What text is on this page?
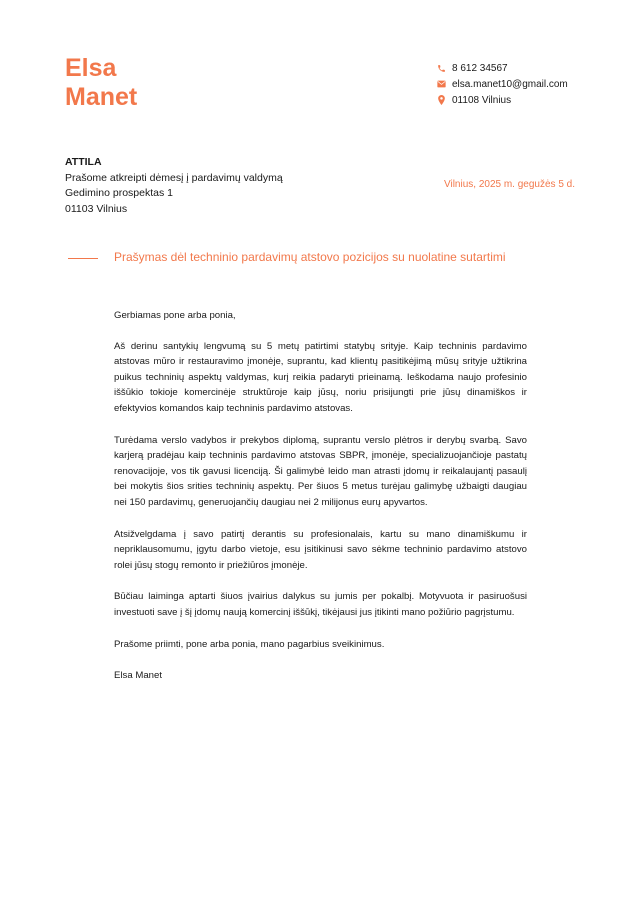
Elsa
Manet
8 612 34567
elsa.manet10@gmail.com
01108 Vilnius
ATTILA
Prašome atkreipti dėmesį į pardavimų valdymą
Gedimino prospektas 1
01103 Vilnius
Vilnius, 2025 m. gegužės 5 d.
Prašymas dėl techninio pardavimų atstovo pozicijos su nuolatine sutartimi

Gerbiamas pone arba ponia,

Aš derinu santykių lengvumą su 5 metų patirtimi statybų srityje. Kaip techninis pardavimo atstovas mūro ir restauravimo įmonėje, suprantu, kad klientų pasitikėjimą mūsų srityje užtikrina puikus techninių aspektų valdymas, kurį reikia padaryti prieinamą. Ieškodama naujo profesinio iššūkio tokioje komercinėje struktūroje kaip jūsų, noriu prisijungti prie jūsų dinamiškos ir efektyvios komandos kaip techninis pardavimo atstovas.

Turėdama verslo vadybos ir prekybos diplomą, suprantu verslo plėtros ir derybų svarbą. Savo karjerą pradėjau kaip techninis pardavimo atstovas SBPR, įmonėje, specializuojančioje pastatų renovacijoje, vos tik gavusi licenciją. Ši galimybė leido man atrasti įdomų ir reikalaujantį pasaulį bei mokytis šios srities techninių aspektų. Per šiuos 5 metus turėjau galimybę užbaigti daugiau nei 150 pardavimų, generuojančių daugiau nei 2 milijonus eurų apyvartos.

Atsižvelgdama į savo patirtį derantis su profesionalais, kartu su mano dinamiškumu ir nepriklausomumu, įgytu darbo vietoje, esu įsitikinusi savo sėkme techninio pardavimo atstovo rolei jūsų stogų remonto ir priežiūros įmonėje.

Būčiau laiminga aptarti šiuos įvairius dalykus su jumis per pokalbį. Motyvuota ir pasiruošusi investuoti save į šį įdomų naują komercinį iššūkį, tikėjausi jus įtikinti mano požiūrio pagrįstumu.

Prašome priimti, pone arba ponia, mano pagarbius sveikinimus.

Elsa Manet
